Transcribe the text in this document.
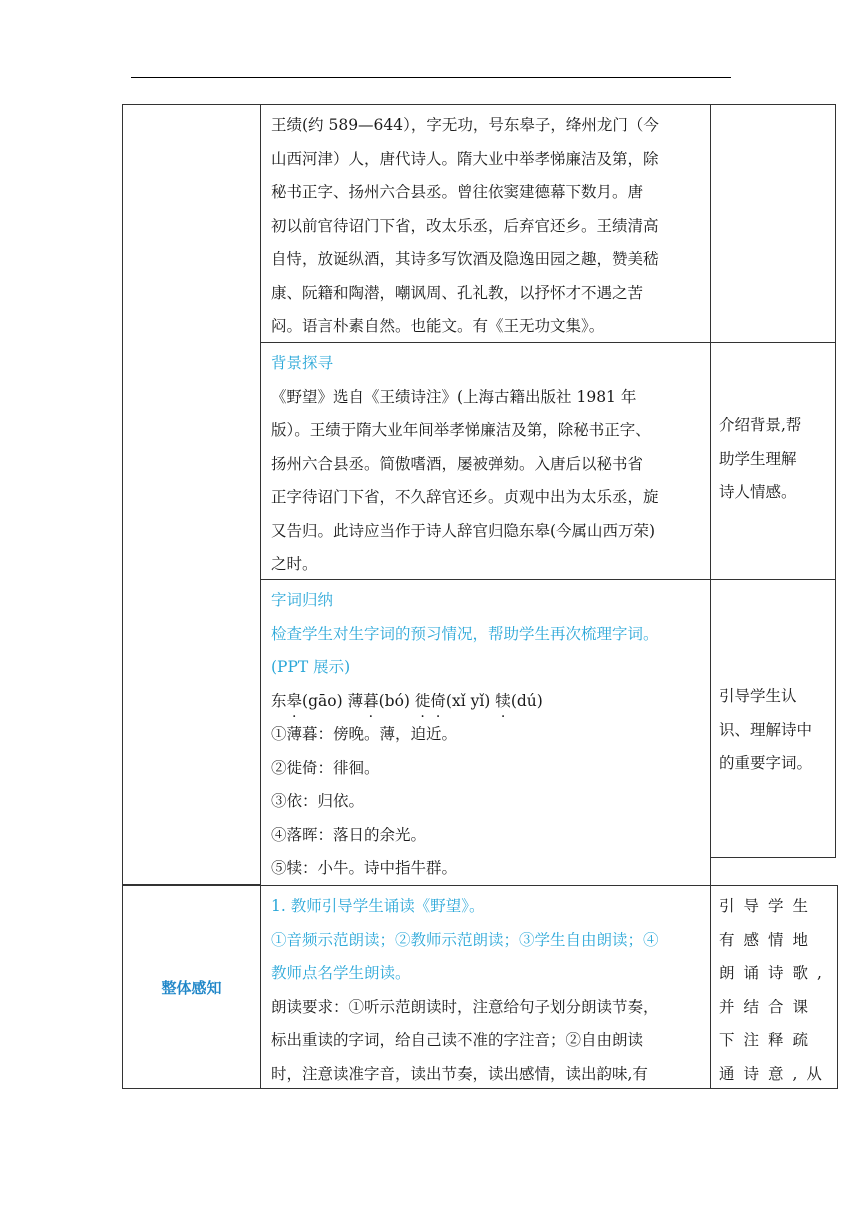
王绩(约 589—644），字无功，号东皋子，绛州龙门（今
山西河津）人，唐代诗人。隋大业中举孝悌廉洁及第，除
秘书正字、扬州六合县丞。曾往依窦建德幕下数月。唐
初以前官待诏门下省，改太乐丞，后弃官还乡。王绩清高
自恃，放诞纵酒，其诗多写饮酒及隐逸田园之趣，赞美嵇
康、阮籍和陶潜，嘲讽周、孔礼教，以抒怀才不遇之苦
闷。语言朴素自然。也能文。有《王无功文集》。
背景探寻
《野望》选自《王绩诗注》(上海古籍出版社 1981 年
版）。王绩于隋大业年间举孝悌廉洁及第，除秘书正字、
扬州六合县丞。简傲嗜酒，屡被弹劾。入唐后以秘书省
正字待诏门下省，不久辞官还乡。贞观中出为太乐丞，旋
又告归。此诗应当作于诗人辞官归隐东皋(今属山西万荣)
之时。
介绍背景,帮
助学生理解
诗人情感。
字词归纳
检查学生对生字词的预习情况，帮助学生再次梳理字词。
(PPT 展示)
东皋(gāo) 薄暮(bó) 徙倚(xǐ yǐ) 犊(dú)
①薄暮：傍晚。薄，迫近。
②徙倚：徘徊。
③依：归依。
④落晖：落日的余光。
⑤犊：小牛。诗中指牛群。
引导学生认
识、理解诗中
的重要字词。
整体感知
1. 教师引导学生诵读《野望》。
①音频示范朗读；②教师示范朗读；③学生自由朗读；④
教师点名学生朗读。
朗读要求：①听示范朗读时，注意给句子划分朗读节奏，
标出重读的字词，给自己读不准的字注音；②自由朗读
时，注意读准字音，读出节奏，读出感情，读出韵味,有
引导学生
有感情地
朗诵诗歌,
并结合课
下注释疏
通诗意,从
